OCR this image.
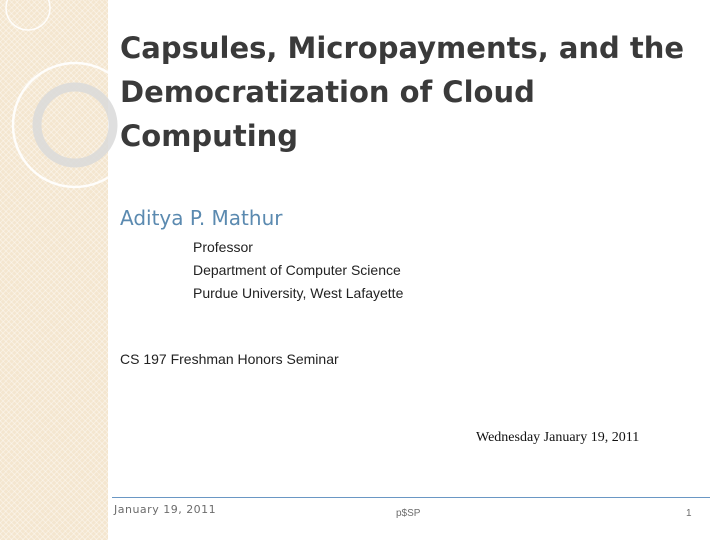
Capsules, Micropayments, and the
Democratization of Cloud
Computing
Aditya P. Mathur
Professor
Department of Computer Science
Purdue University, West Lafayette
CS 197 Freshman Honors Seminar
Wednesday January 19, 2011
January 19, 2011	p$SP	1
